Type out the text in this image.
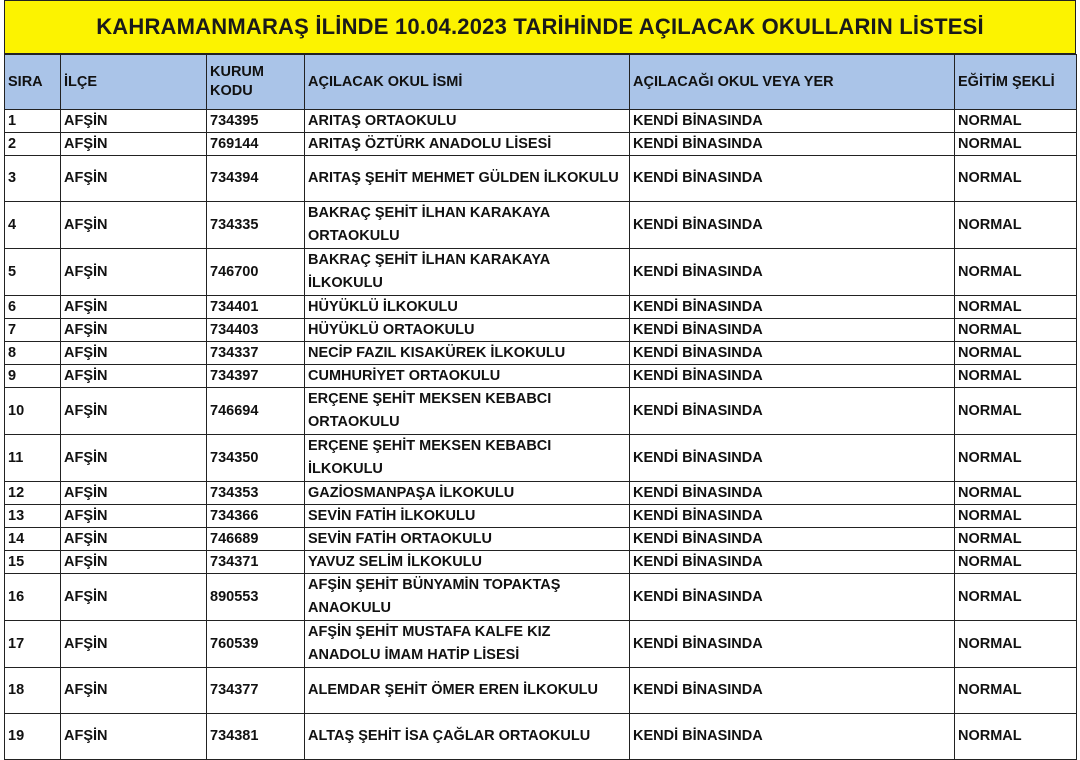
KAHRAMANMARAŞ İLİNDE 10.04.2023 TARİHİNDE AÇILACAK OKULLARIN LİSTESİ
SIRA	İLÇE	KURUM KODU	AÇILACAK OKUL İSMİ	AÇILACAĞI OKUL VEYA YER	EĞİTİM ŞEKLİ
1	AFŞİN	734395	ARITAŞ ORTAOKULU	KENDİ BİNASINDA	NORMAL
2	AFŞİN	769144	ARITAŞ ÖZTÜRK ANADOLU LİSESİ	KENDİ BİNASINDA	NORMAL
3	AFŞİN	734394	ARITAŞ ŞEHİT MEHMET GÜLDEN İLKOKULU	KENDİ BİNASINDA	NORMAL
4	AFŞİN	734335	BAKRAÇ ŞEHİT İLHAN KARAKAYA ORTAOKULU	KENDİ BİNASINDA	NORMAL
5	AFŞİN	746700	BAKRAÇ ŞEHİT İLHAN KARAKAYA İLKOKULU	KENDİ BİNASINDA	NORMAL
6	AFŞİN	734401	HÜYÜKLÜ İLKOKULU	KENDİ BİNASINDA	NORMAL
7	AFŞİN	734403	HÜYÜKLÜ ORTAOKULU	KENDİ BİNASINDA	NORMAL
8	AFŞİN	734337	NECİP FAZIL KISAKÜREK İLKOKULU	KENDİ BİNASINDA	NORMAL
9	AFŞİN	734397	CUMHURİYET ORTAOKULU	KENDİ BİNASINDA	NORMAL
10	AFŞİN	746694	ERÇENE ŞEHİT MEKSEN KEBABCI ORTAOKULU	KENDİ BİNASINDA	NORMAL
11	AFŞİN	734350	ERÇENE ŞEHİT MEKSEN KEBABCI İLKOKULU	KENDİ BİNASINDA	NORMAL
12	AFŞİN	734353	GAZİOSMANPAŞA İLKOKULU	KENDİ BİNASINDA	NORMAL
13	AFŞİN	734366	SEVİN FATİH İLKOKULU	KENDİ BİNASINDA	NORMAL
14	AFŞİN	746689	SEVİN FATİH ORTAOKULU	KENDİ BİNASINDA	NORMAL
15	AFŞİN	734371	YAVUZ SELİM İLKOKULU	KENDİ BİNASINDA	NORMAL
16	AFŞİN	890553	AFŞİN ŞEHİT BÜNYAMİN TOPAKTAŞ ANAOKULU	KENDİ BİNASINDA	NORMAL
17	AFŞİN	760539	AFŞİN ŞEHİT MUSTAFA KALFE KIZ ANADOLU İMAM HATİP LİSESİ	KENDİ BİNASINDA	NORMAL
18	AFŞİN	734377	ALEMDAR ŞEHİT ÖMER EREN İLKOKULU	KENDİ BİNASINDA	NORMAL
19	AFŞİN	734381	ALTAŞ ŞEHİT İSA ÇAĞLAR ORTAOKULU	KENDİ BİNASINDA	NORMAL
